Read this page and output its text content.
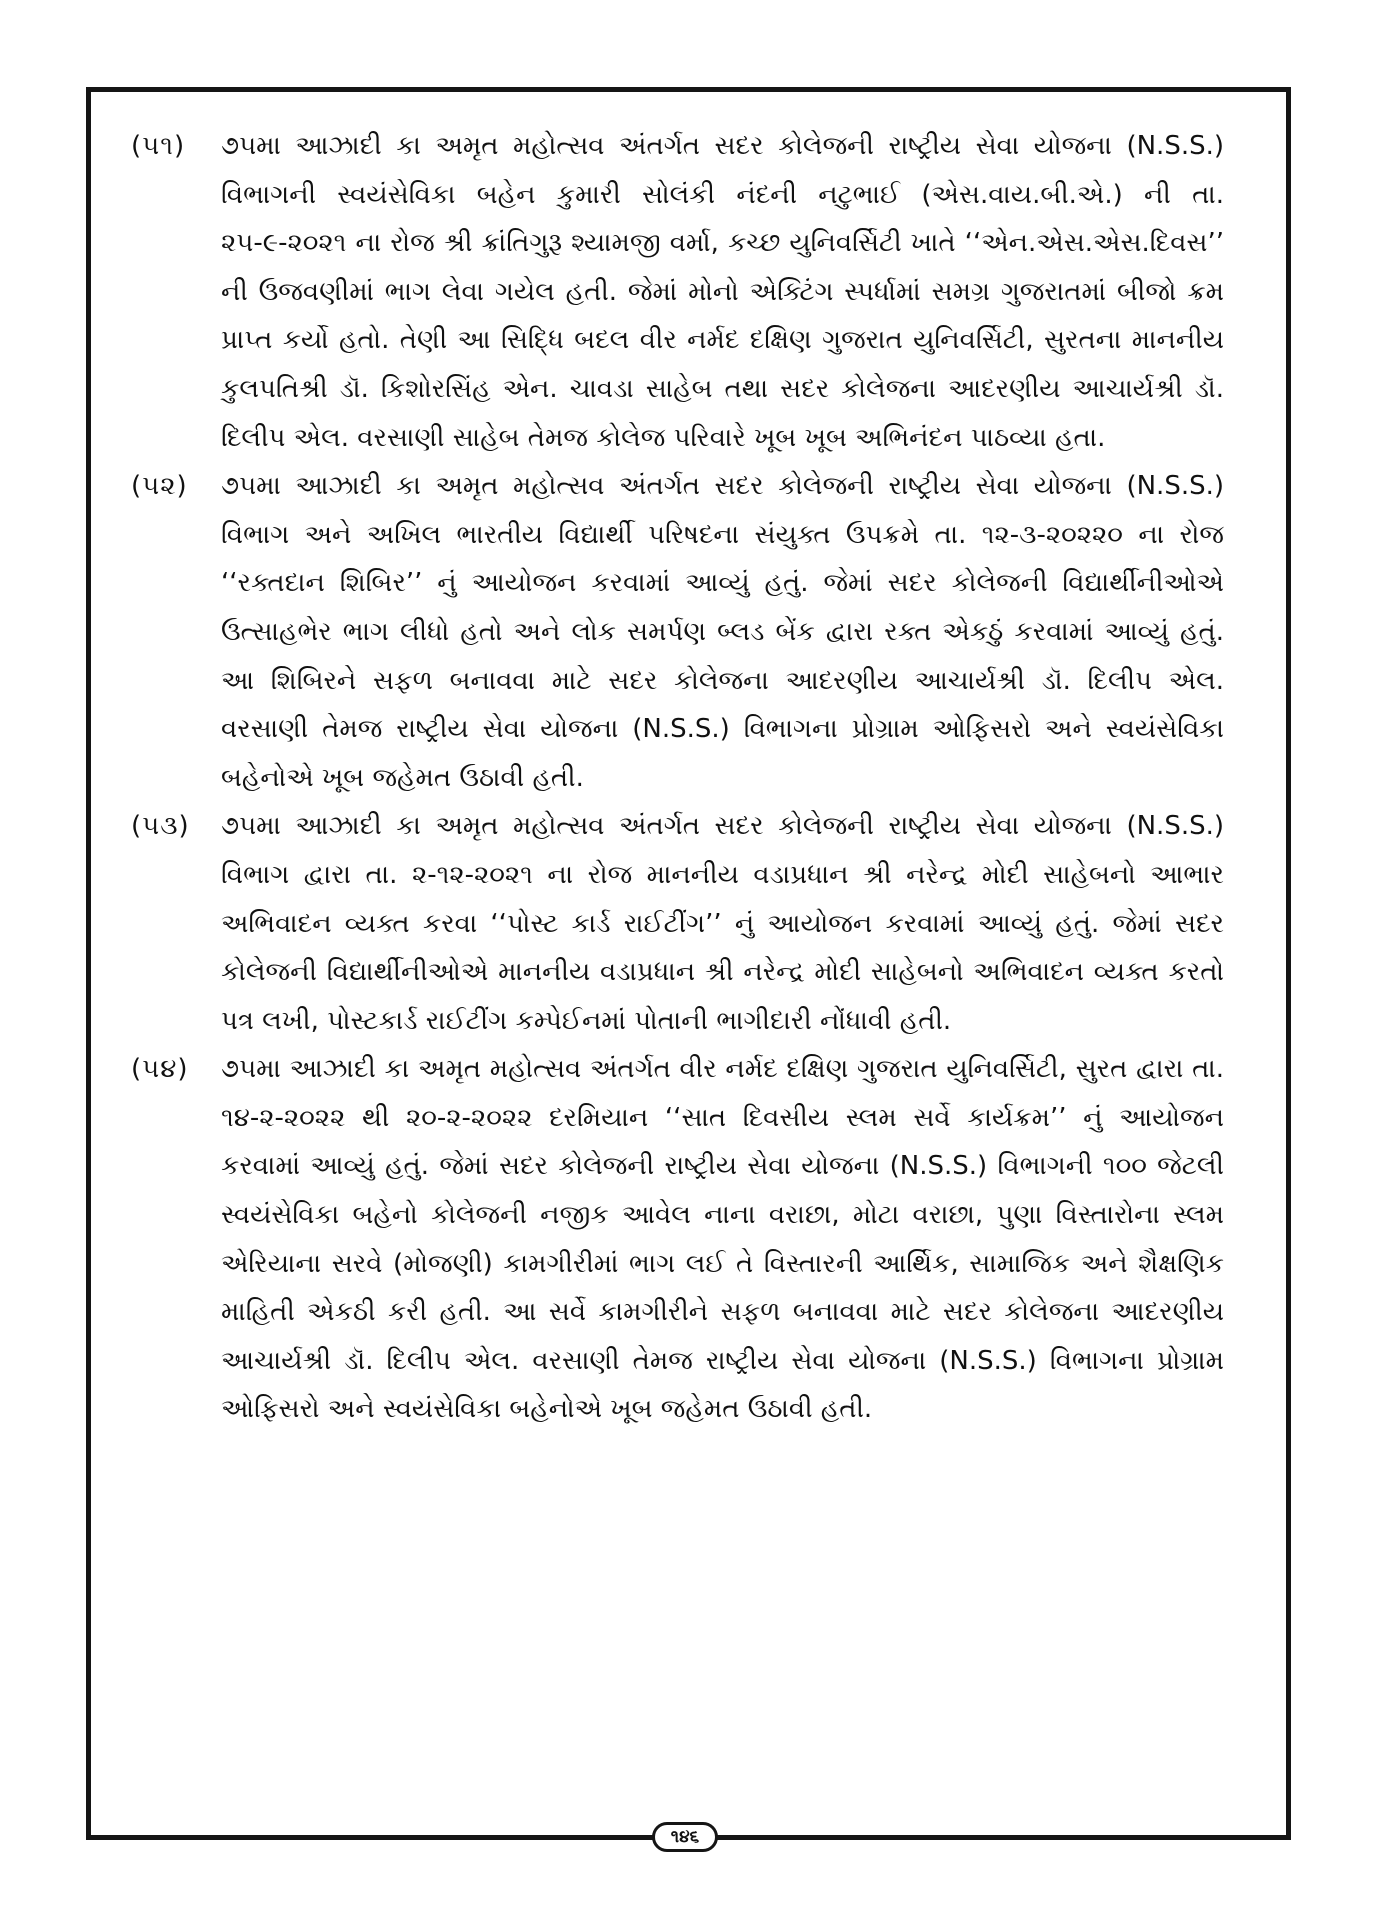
(૫૧)	૭૫મા આઝાદી કા અમૃત મહોત્સવ અંતર્ગત સદર કોલેજની રાષ્ટ્રીય સેવા યોજના (N.S.S.) વિભાગની સ્વયંસેવિકા બહેન કુમારી સોલંકી નંદની નટુભાઈ (એસ.વાય.બી.એ.) ની તા. ૨૫-૯-૨૦૨૧ ના રોજ શ્રી ક્રાંતિગુરૂ શ્યામજી વર્મા, કચ્છ યુનિવર્સિટી ખાતે ‘‘એન.એસ.એસ.દિવસ’’ ની ઉજવણીમાં ભાગ લેવા ગયેલ હતી. જેમાં મોનો એક્ટિંગ સ્પર્ધામાં સમગ્ર ગુજરાતમાં બીજો ક્રમ પ્રાપ્ત કર્યો હતો. તેણી આ સિદ્ધિ બદલ વીર નર્મદ દક્ષિણ ગુજરાત યુનિવર્સિટી, સુરતના માનનીય કુલપતિશ્રી ડૉ. કિશોરસિંહ એન. ચાવડા સાહેબ તથા સદર કોલેજના આદરણીય આચાર્યશ્રી ડૉ. દિલીપ એલ. વરસાણી સાહેબ તેમજ કોલેજ પરિવારે ખૂબ ખૂબ અભિનંદન પાઠવ્યા હતા.
(૫૨)	૭૫મા આઝાદી કા અમૃત મહોત્સવ અંતર્ગત સદર કોલેજની રાષ્ટ્રીય સેવા યોજના (N.S.S.) વિભાગ અને અખિલ ભારતીય વિદ્યાર્થી પરિષદના સંયુક્ત ઉપક્રમે તા. ૧૨-૩-૨૦૨૨૦ ના રોજ ‘‘રક્તદાન શિબિર’’ નું આયોજન કરવામાં આવ્યું હતું. જેમાં સદર કોલેજની વિદ્યાર્થીનીઓએ ઉત્સાહભેર ભાગ લીધો હતો અને લોક સમર્પણ બ્લડ બેંક દ્વારા રક્ત એકઠું કરવામાં આવ્યું હતું. આ શિબિરને સફળ બનાવવા માટે સદર કોલેજના આદરણીય આચાર્યશ્રી ડૉ. દિલીપ એલ. વરસાણી તેમજ રાષ્ટ્રીય સેવા યોજના (N.S.S.) વિભાગના પ્રોગ્રામ ઓફિસરો અને સ્વયંસેવિકા બહેનોએ ખૂબ જહેમત ઉઠાવી હતી.
(૫૩)	૭૫મા આઝાદી કા અમૃત મહોત્સવ અંતર્ગત સદર કોલેજની રાષ્ટ્રીય સેવા યોજના (N.S.S.) વિભાગ દ્વારા તા. ૨-૧૨-૨૦૨૧ ના રોજ માનનીય વડાપ્રધાન શ્રી નરેન્દ્ર મોદી સાહેબનો આભાર અભિવાદન વ્યક્ત કરવા ‘‘પોસ્ટ કાર્ડ રાઈટીંગ’’ નું આયોજન કરવામાં આવ્યું હતું. જેમાં સદર કોલેજની વિદ્યાર્થીનીઓએ માનનીય વડાપ્રધાન શ્રી નરેન્દ્ર મોદી સાહેબનો અભિવાદન વ્યક્ત કરતો પત્ર લખી, પોસ્ટકાર્ડ રાઈટીંગ કમ્પેઈનમાં પોતાની ભાગીદારી નોંધાવી હતી.
(૫૪)	૭૫મા આઝાદી કા અમૃત મહોત્સવ અંતર્ગત વીર નર્મદ દક્ષિણ ગુજરાત યુનિવર્સિટી, સુરત દ્વારા તા. ૧૪-૨-૨૦૨૨ થી ૨૦-૨-૨૦૨૨ દરમિયાન ‘‘સાત દિવસીય સ્લમ સર્વે કાર્યક્રમ’’ નું આયોજન કરવામાં આવ્યું હતું. જેમાં સદર કોલેજની રાષ્ટ્રીય સેવા યોજના (N.S.S.) વિભાગની ૧૦૦ જેટલી સ્વયંસેવિકા બહેનો કોલેજની નજીક આવેલ નાના વરાછા, મોટા વરાછા, પુણા વિસ્તારોના સ્લમ એરિયાના સરવે (મોજણી) કામગીરીમાં ભાગ લઈ તે વિસ્તારની આર્થિક, સામાજિક અને શૈક્ષણિક માહિતી એકઠી કરી હતી. આ સર્વે કામગીરીને સફળ બનાવવા માટે સદર કોલેજના આદરણીય આચાર્યશ્રી ડૉ. દિલીપ એલ. વરસાણી તેમજ રાષ્ટ્રીય સેવા યોજના (N.S.S.) વિભાગના પ્રોગ્રામ ઓફિસરો અને સ્વયંસેવિકા બહેનોએ ખૂબ જહેમત ઉઠાવી હતી.
૧૪૬
